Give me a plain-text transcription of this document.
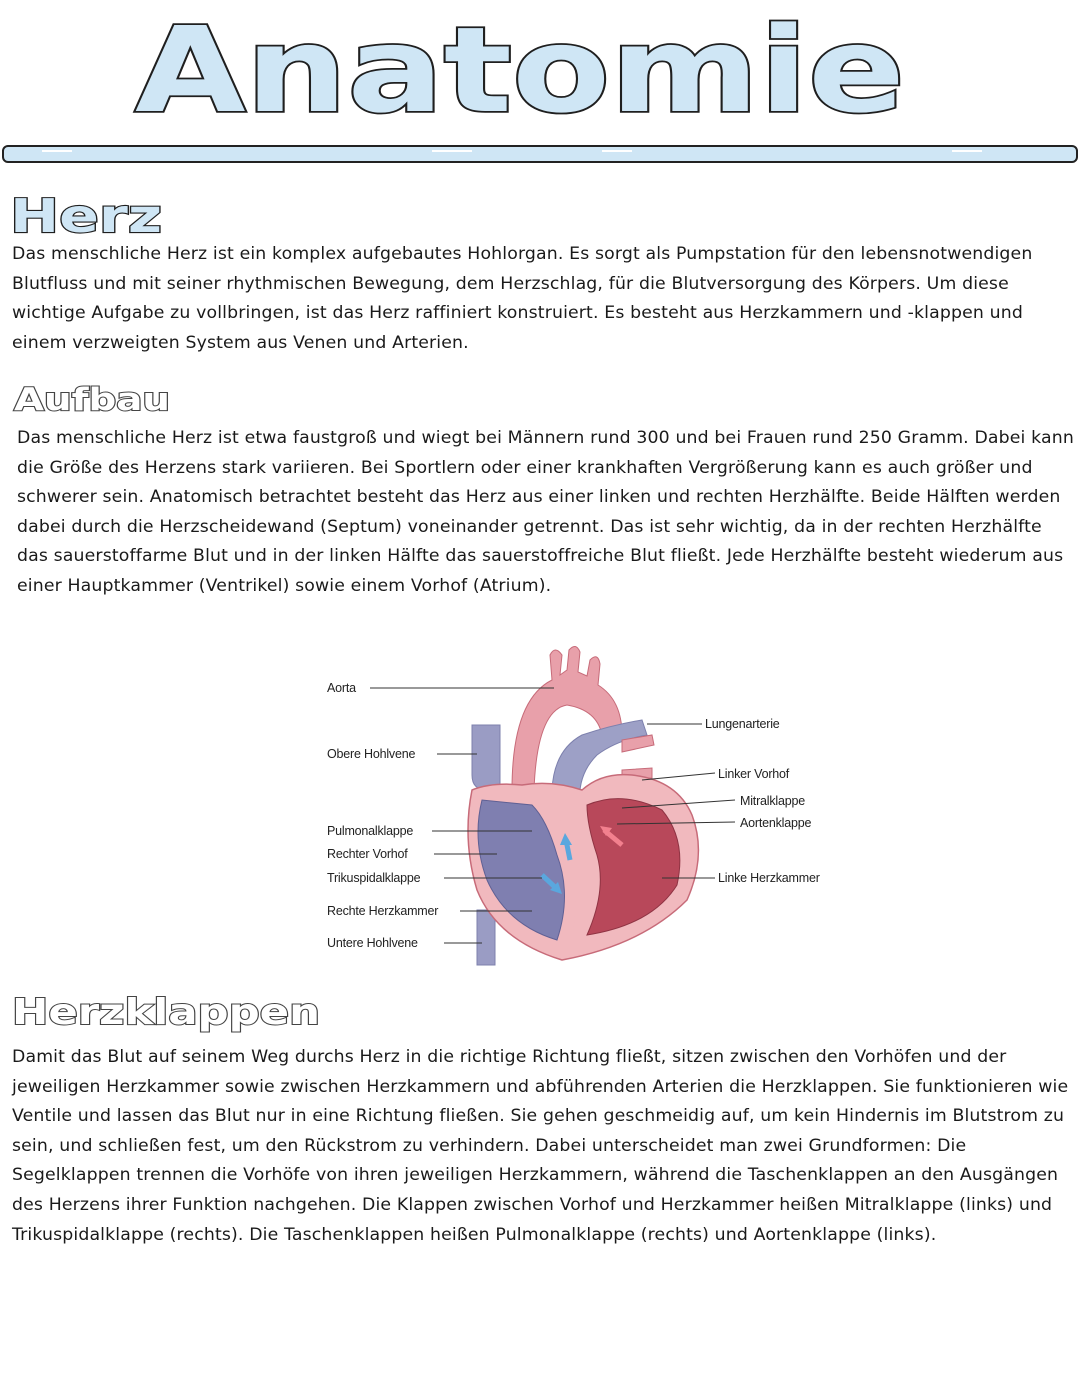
Anatomie
Herz

Das menschliche Herz ist ein komplex aufgebautes Hohlorgan. Es sorgt als Pumpstation für den lebensnotwendigen Blutfluss und mit seiner rhythmischen Bewegung, dem Herzschlag, für die Blutversorgung des Körpers. Um diese wichtige Aufgabe zu vollbringen, ist das Herz raffiniert konstruiert. Es besteht aus Herzkammern und -klappen und einem verzweigten System aus Venen und Arterien.

Aufbau

Das menschliche Herz ist etwa faustgroß und wiegt bei Männern rund 300 und bei Frauen rund 250 Gramm. Dabei kann die Größe des Herzens stark variieren. Bei Sportlern oder einer krankhaften Vergrößerung kann es auch größer und schwerer sein. Anatomisch betrachtet besteht das Herz aus einer linken und rechten Herzhälfte. Beide Hälften werden dabei durch die Herzscheidewand (Septum) voneinander getrennt. Das ist sehr wichtig, da in der rechten Herzhälfte das sauerstoffarme Blut und in der linken Hälfte das sauerstoffreiche Blut fließt. Jede Herzhälfte besteht wiederum aus einer Hauptkammer (Ventrikel) sowie einem Vorhof (Atrium).

Aorta
Obere Hohlvene
Pulmonalklappe
Rechter Vorhof
Trikuspidalklappe
Rechte Herzkammer
Untere Hohlvene
Lungenarterie
Linker Vorhof
Mitralklappe
Aortenklappe
Linke Herzkammer
Herzklappen

Damit das Blut auf seinem Weg durchs Herz in die richtige Richtung fließt, sitzen zwischen den Vorhöfen und der jeweiligen Herzkammer sowie zwischen Herzkammern und abführenden Arterien die Herzklappen. Sie funktionieren wie Ventile und lassen das Blut nur in eine Richtung fließen. Sie gehen geschmeidig auf, um kein Hindernis im Blutstrom zu sein, und schließen fest, um den Rückstrom zu verhindern. Dabei unterscheidet man zwei Grundformen: Die Segelklappen trennen die Vorhöfe von ihren jeweiligen Herzkammern, während die Taschenklappen an den Ausgängen des Herzens ihrer Funktion nachgehen. Die Klappen zwischen Vorhof und Herzkammer heißen Mitralklappe (links) und Trikuspidalklappe (rechts). Die Taschenklappen heißen Pulmonalklappe (rechts) und Aortenklappe (links).
